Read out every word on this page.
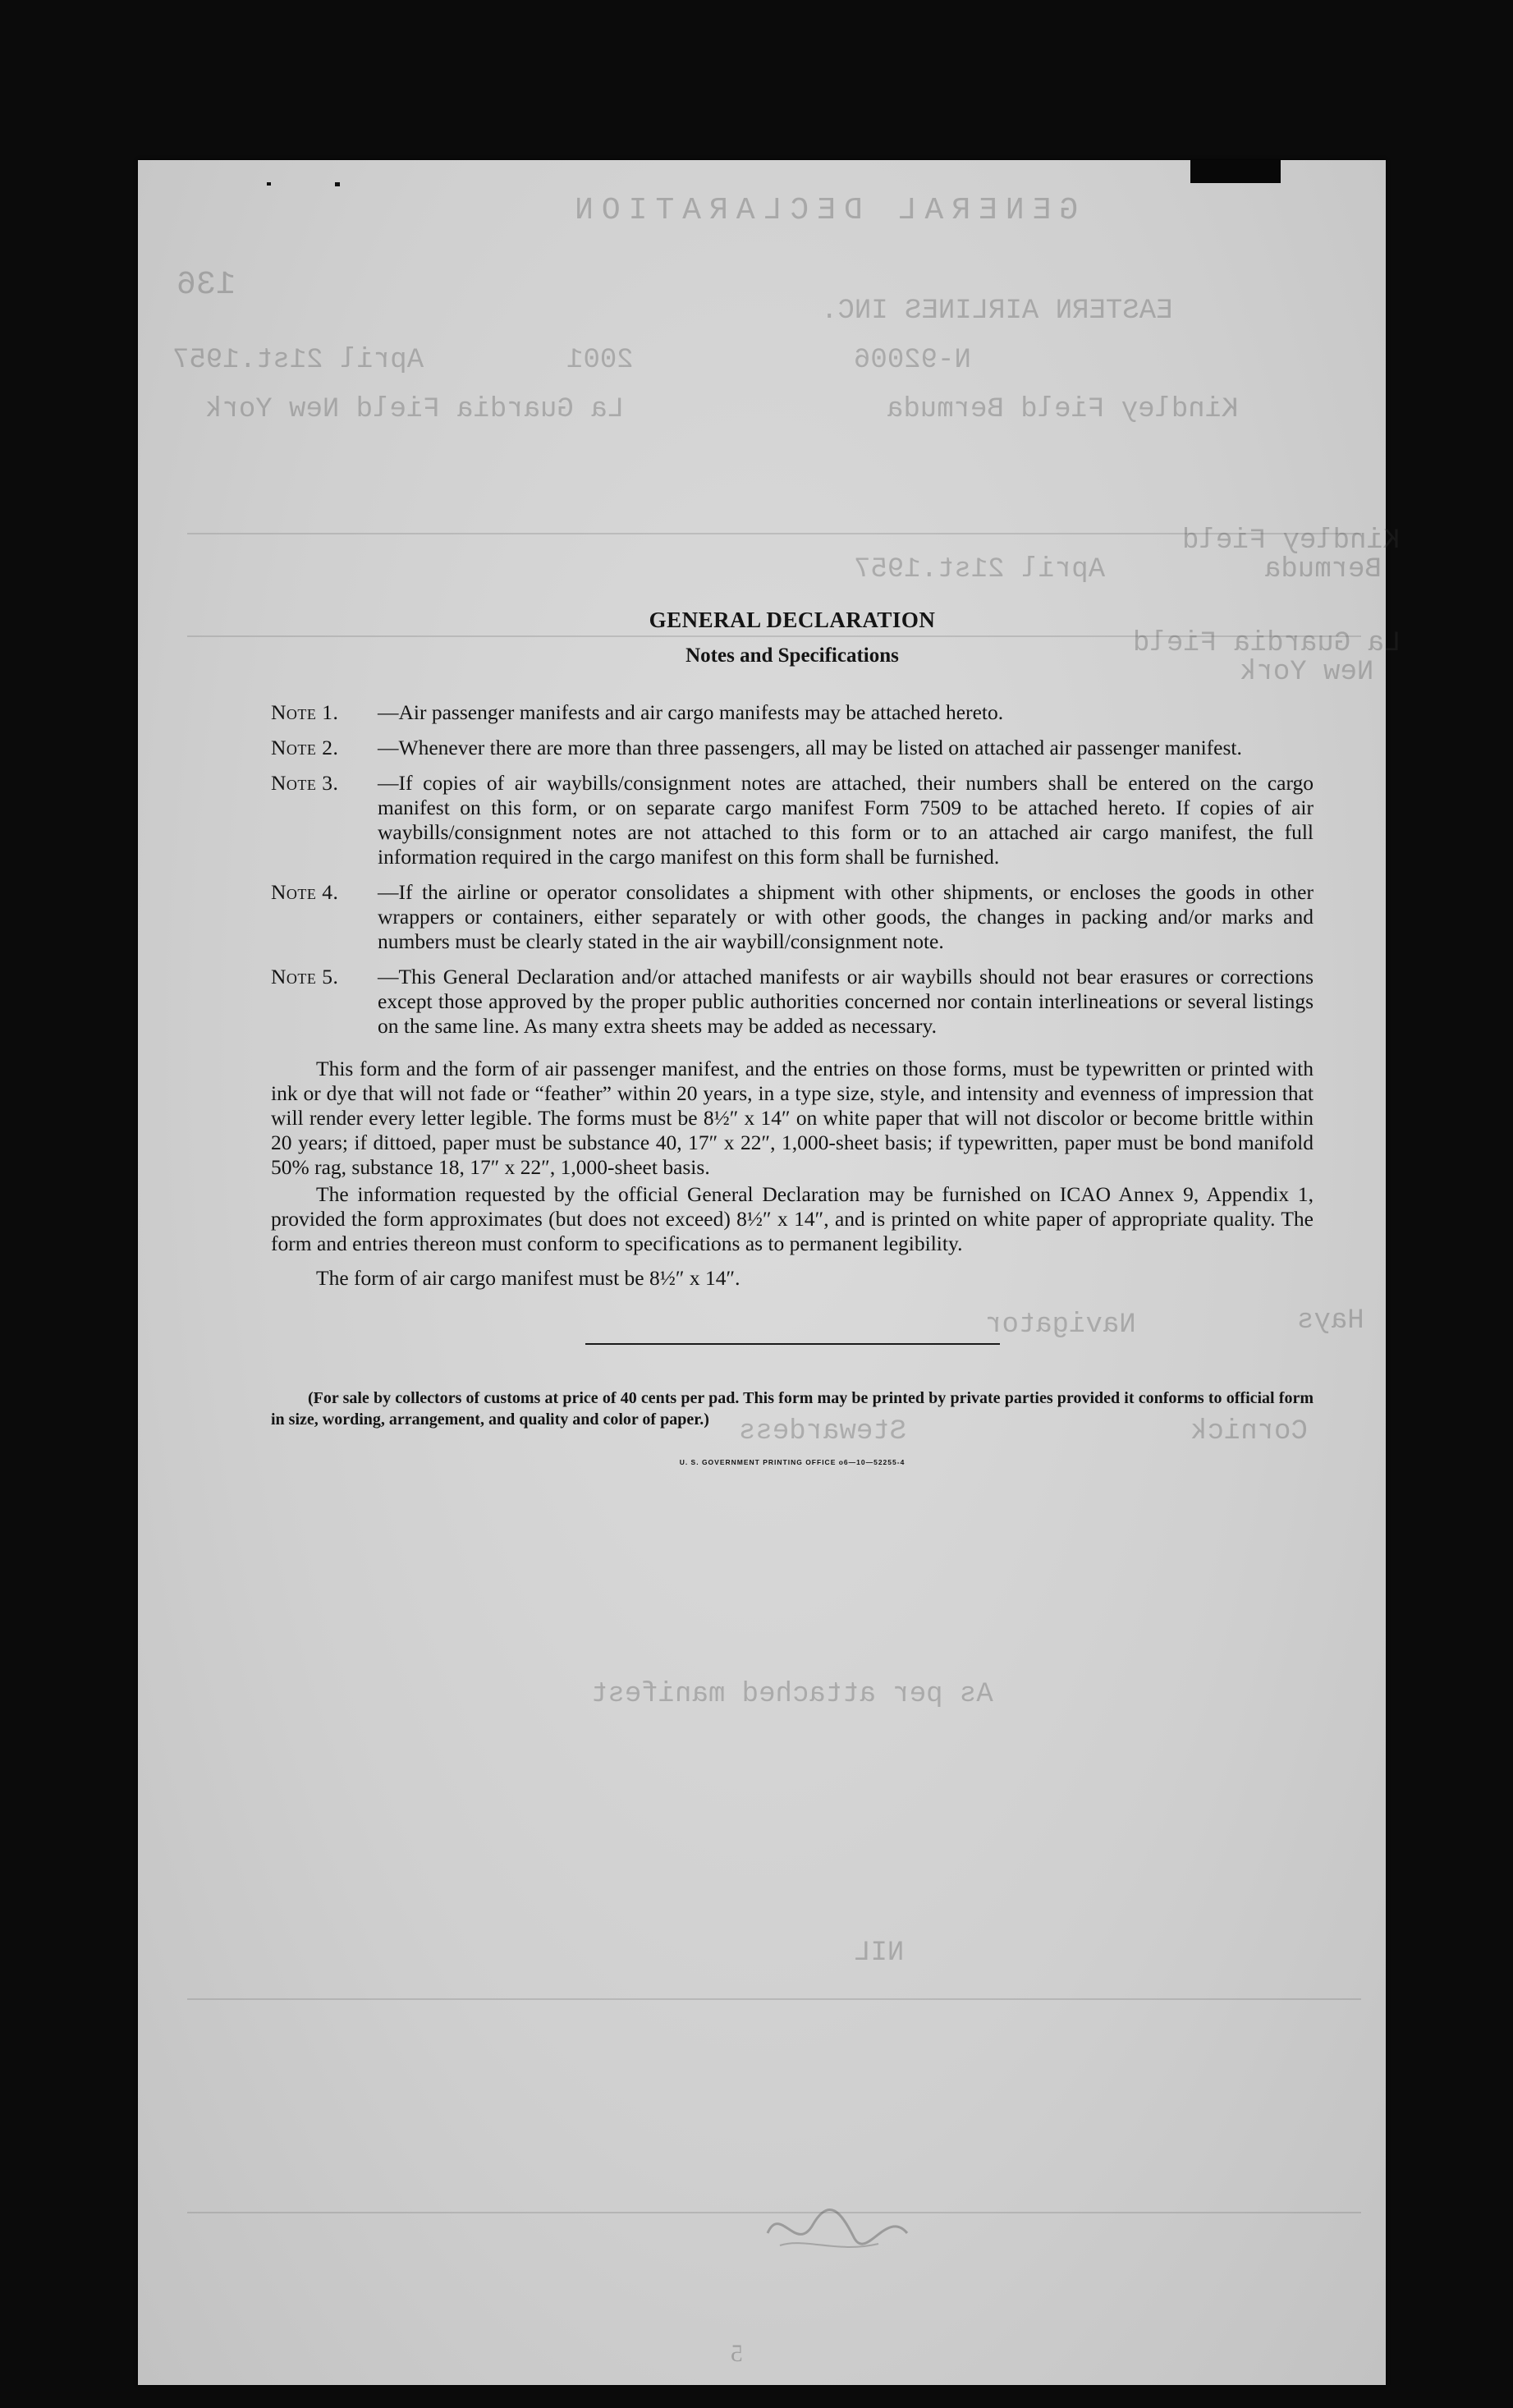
GENERAL DECLARATION
136
EASTERN AIRLINES INC.
N-92006
2001
April 21st.1957
Kindley Field Bermuda
La Guardia Field New York
Kindley Field
Bermuda
April 21st.1957
La Guardia Field
New York
Hays
Navigator
Cornick
Stewardess
As per attached manifest
NIL
5
GENERAL DECLARATION
Notes and Specifications
Note 1.	—Air passenger manifests and air cargo manifests may be attached hereto.
Note 2.	—Whenever there are more than three passengers, all may be listed on attached air passenger manifest.
Note 3.	—If copies of air waybills/consignment notes are attached, their numbers shall be entered on the cargo manifest on this form, or on separate cargo manifest Form 7509 to be attached hereto. If copies of air waybills/consignment notes are not attached to this form or to an attached air cargo manifest, the full information required in the cargo manifest on this form shall be furnished.
Note 4.	—If the airline or operator consolidates a shipment with other shipments, or encloses the goods in other wrappers or containers, either separately or with other goods, the changes in packing and/or marks and numbers must be clearly stated in the air waybill/consignment note.
Note 5.	—This General Declaration and/or attached manifests or air waybills should not bear erasures or corrections except those approved by the proper public authorities concerned nor contain interlineations or several listings on the same line. As many extra sheets may be added as necessary.

This form and the form of air passenger manifest, and the entries on those forms, must be typewritten or printed with ink or dye that will not fade or “feather” within 20 years, in a type size, style, and intensity and evenness of impression that will render every letter legible. The forms must be 8½″ x 14″ on white paper that will not discolor or become brittle within 20 years; if dittoed, paper must be substance 40, 17″ x 22″, 1,000-sheet basis; if typewritten, paper must be bond manifold 50% rag, substance 18, 17″ x 22″, 1,000-sheet basis.

The information requested by the official General Declaration may be furnished on ICAO Annex 9, Appendix 1, provided the form approximates (but does not exceed) 8½″ x 14″, and is printed on white paper of appropriate quality. The form and entries thereon must conform to specifications as to permanent legibility.

The form of air cargo manifest must be 8½″ x 14″.

(For sale by collectors of customs at price of 40 cents per pad. This form may be printed by private parties provided it conforms to official form in size, wording, arrangement, and quality and color of paper.)

U. S. GOVERNMENT PRINTING OFFICE o6—10—52255-4
